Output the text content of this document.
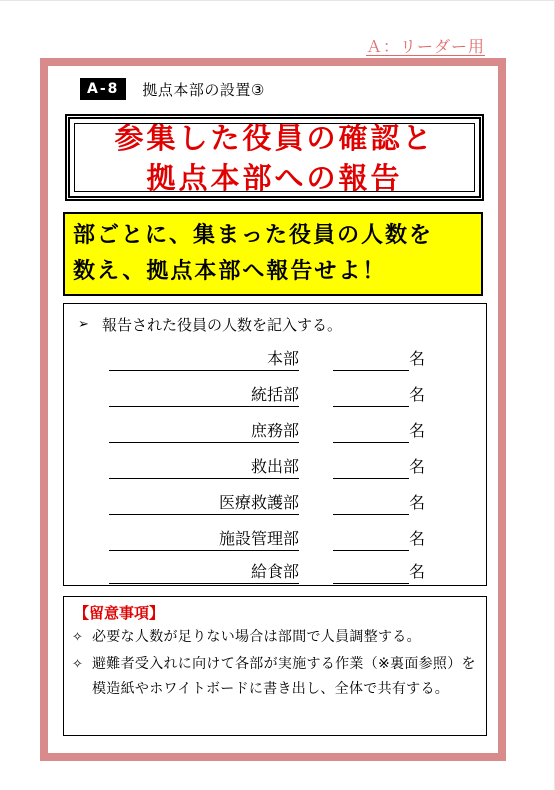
Ａ：リーダー用
A-8	拠点本部の設置③
参集した役員の確認と
拠点本部への報告
部ごとに、集まった役員の人数を
数え、拠点本部へ報告せよ！
➢ 報告された役員の人数を記入する。
本部	名
統括部	名
庶務部	名
救出部	名
医療救護部	名
施設管理部	名
給食部	名
【留意事項】
✧ 必要な人数が足りない場合は部間で人員調整する。
✧ 避難者受入れに向けて各部が実施する作業（※裏面参照）を模造紙やホワイトボードに書き出し、全体で共有する。
